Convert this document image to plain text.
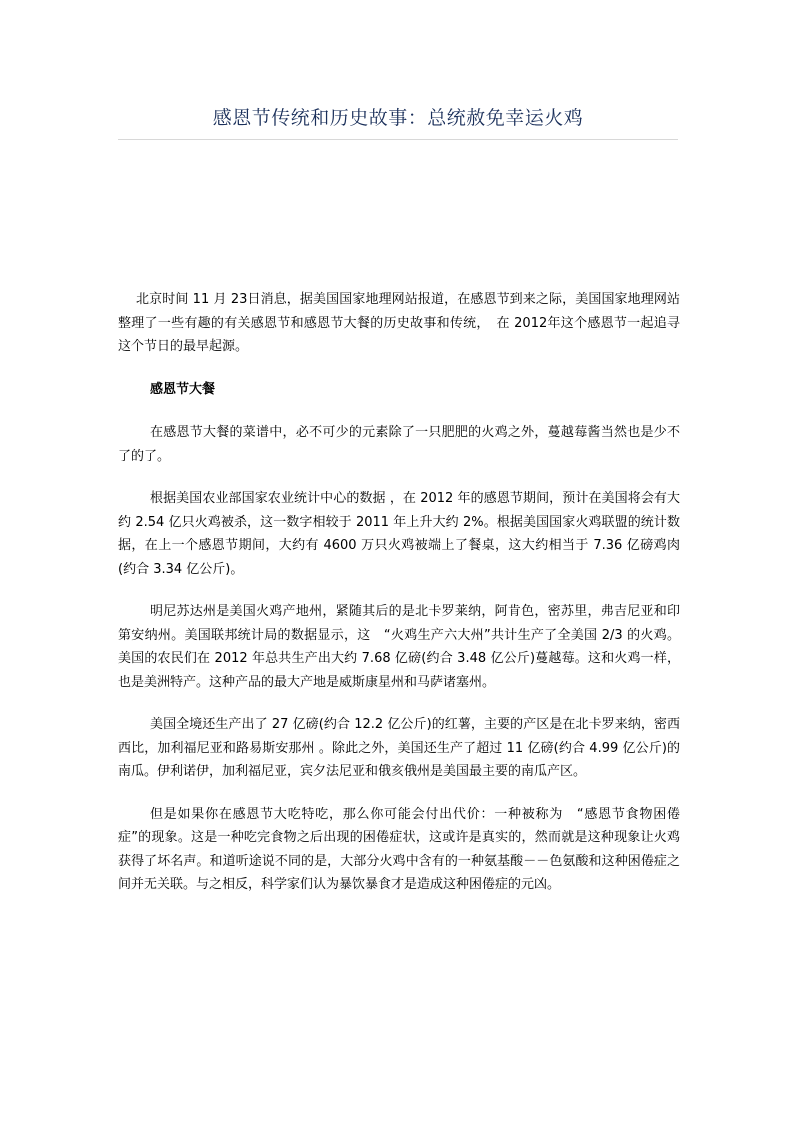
感恩节传统和历史故事：总统赦免幸运火鸡

北京时间 11 月 23日消息，据美国国家地理网站报道，在感恩节到来之际，美国国家地理网站整理了一些有趣的有关感恩节和感恩节大餐的历史故事和传统，　在 2012年这个感恩节一起追寻这个节日的最早起源。

感恩节大餐

在感恩节大餐的菜谱中，必不可少的元素除了一只肥肥的火鸡之外，蔓越莓酱当然也是少不了的了。

根据美国农业部国家农业统计中心的数据 ，在 2012 年的感恩节期间，预计在美国将会有大约 2.54 亿只火鸡被杀，这一数字相较于 2011 年上升大约 2%。根据美国国家火鸡联盟的统计数据，在上一个感恩节期间，大约有 4600 万只火鸡被端上了餐桌，这大约相当于 7.36 亿磅鸡肉(约合 3.34 亿公斤)。

明尼苏达州是美国火鸡产地州，紧随其后的是北卡罗莱纳，阿肯色，密苏里，弗吉尼亚和印第安纳州。美国联邦统计局的数据显示，这　“火鸡生产六大州”共计生产了全美国 2/3 的火鸡。美国的农民们在 2012 年总共生产出大约 7.68 亿磅(约合 3.48 亿公斤)蔓越莓。这和火鸡一样，也是美洲特产。这种产品的最大产地是威斯康星州和马萨诸塞州。

美国全境还生产出了 27 亿磅(约合 12.2 亿公斤)的红薯，主要的产区是在北卡罗来纳，密西西比，加利福尼亚和路易斯安那州 。除此之外，美国还生产了超过 11 亿磅(约合 4.99 亿公斤)的南瓜。伊利诺伊，加利福尼亚，宾夕法尼亚和俄亥俄州是美国最主要的南瓜产区。

但是如果你在感恩节大吃特吃，那么你可能会付出代价：一种被称为　“感恩节食物困倦症”的现象。这是一种吃完食物之后出现的困倦症状，这或许是真实的，然而就是这种现象让火鸡获得了坏名声。和道听途说不同的是，大部分火鸡中含有的一种氨基酸－－色氨酸和这种困倦症之间并无关联。与之相反，科学家们认为暴饮暴食才是造成这种困倦症的元凶。
